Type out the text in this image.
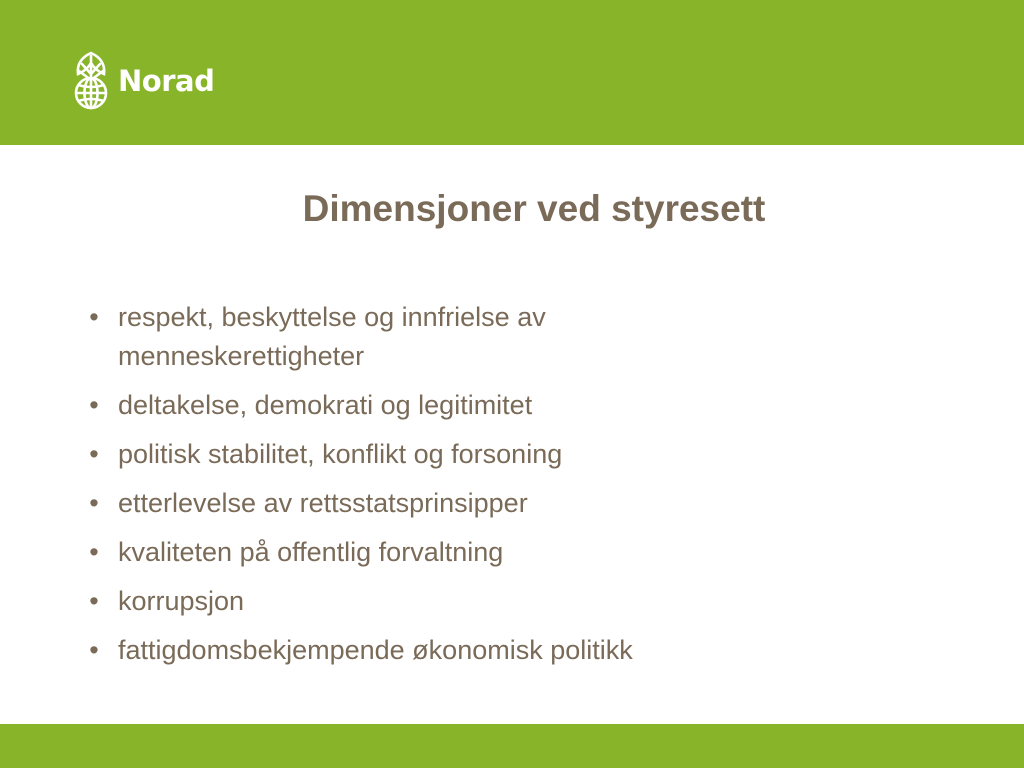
Norad
Dimensjoner ved styresett
• respekt, beskyttelse og innfrielse av menneskerettigheter
• deltakelse, demokrati og legitimitet
• politisk stabilitet, konflikt og forsoning
• etterlevelse av rettsstatsprinsipper
• kvaliteten på offentlig forvaltning
• korrupsjon
• fattigdomsbekjempende økonomisk politikk
